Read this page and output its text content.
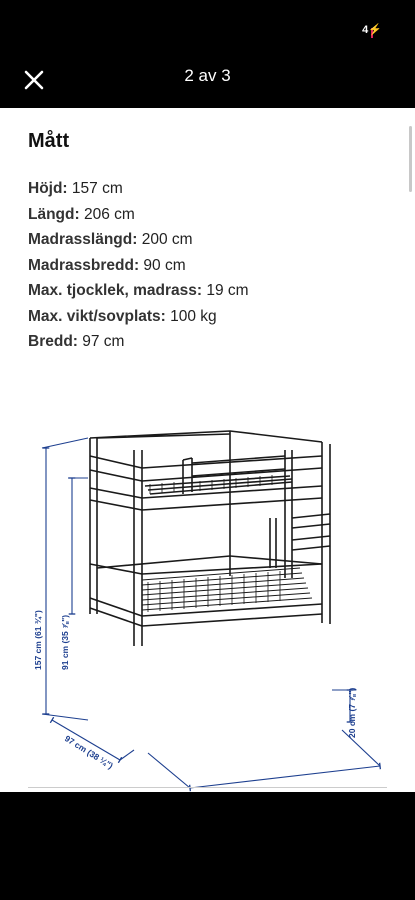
4⚡
2 av 3
Mått
Höjd: 157 cm
Längd: 206 cm
Madrasslängd: 200 cm
Madrassbredd: 90 cm
Max. tjocklek, madrass: 19 cm
Max. vikt/sovplats: 100 kg
Bredd: 97 cm
157 cm (61 ¾") 91 cm (35 ⅞")
20 cm (7 ⅞")
97 cm (38 ¼")
